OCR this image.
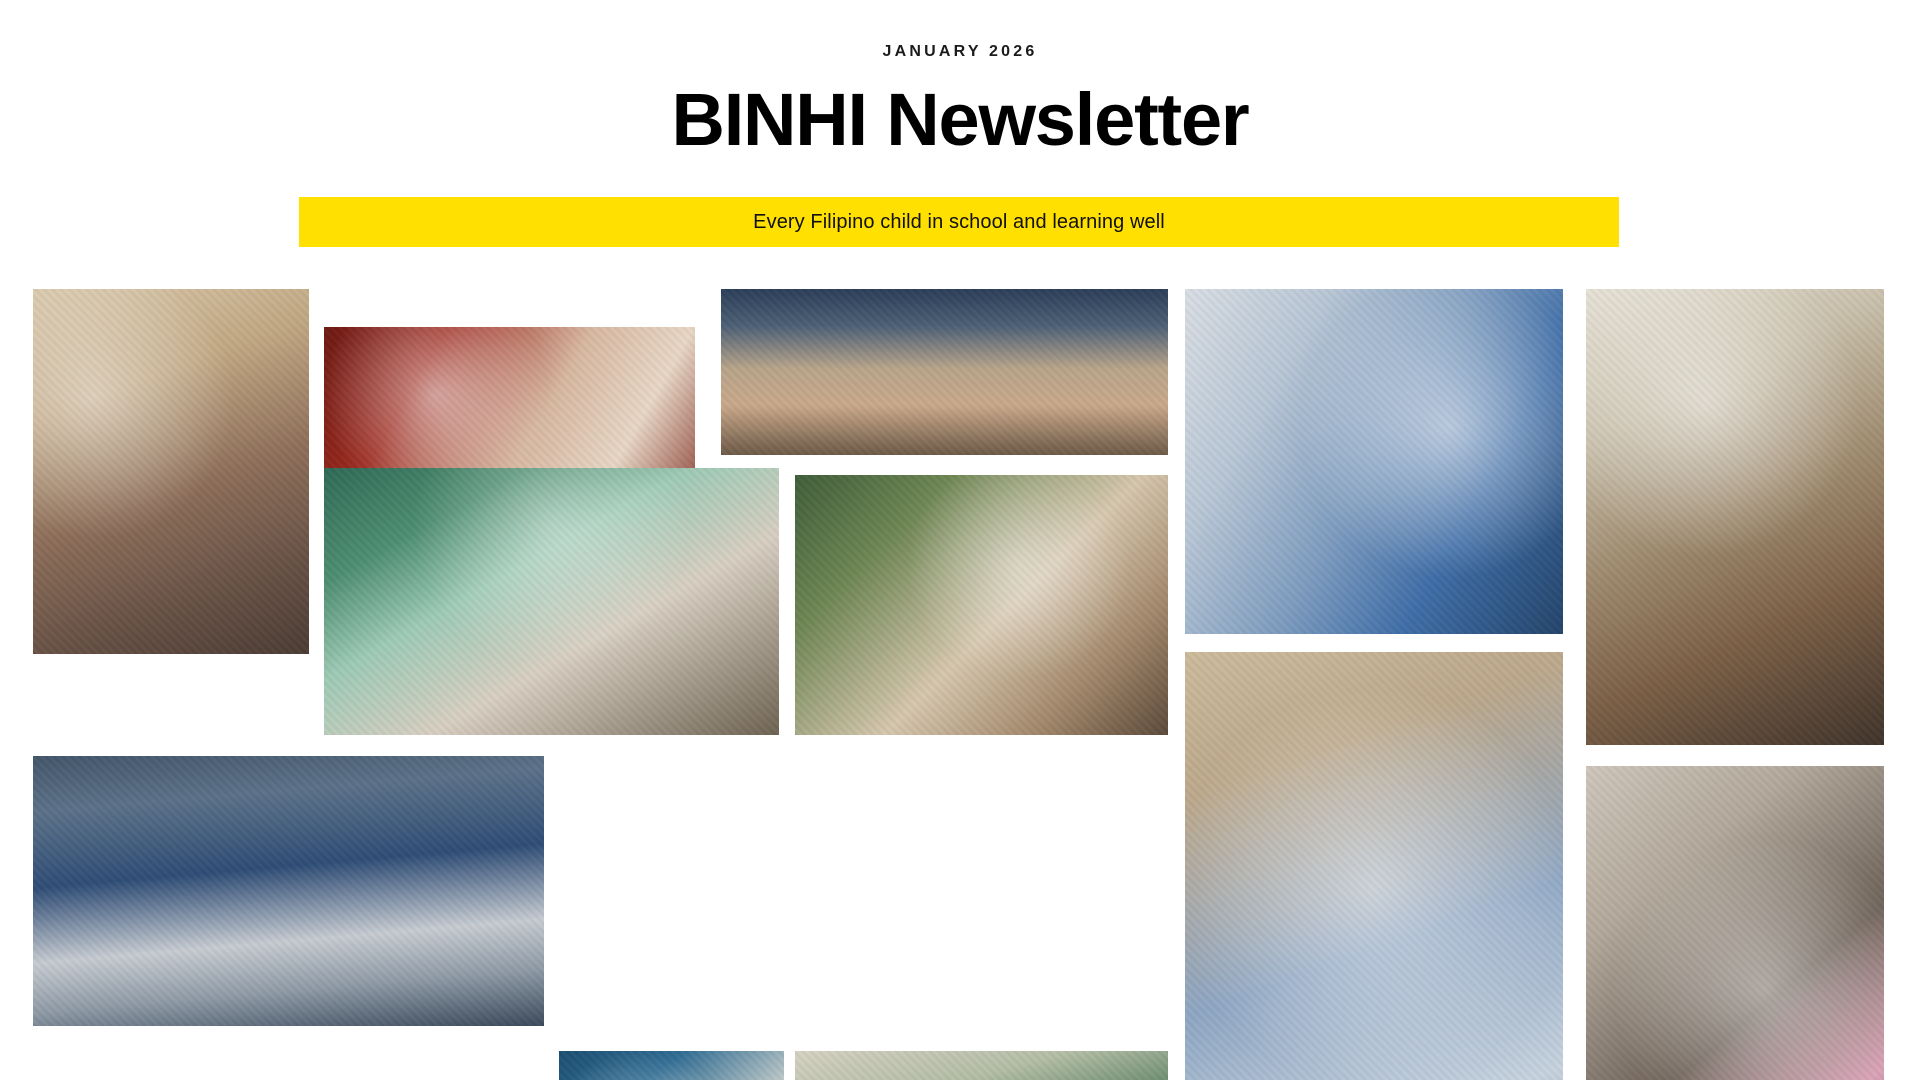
JANUARY 2026
BINHI Newsletter
Every Filipino child in school and learning well
